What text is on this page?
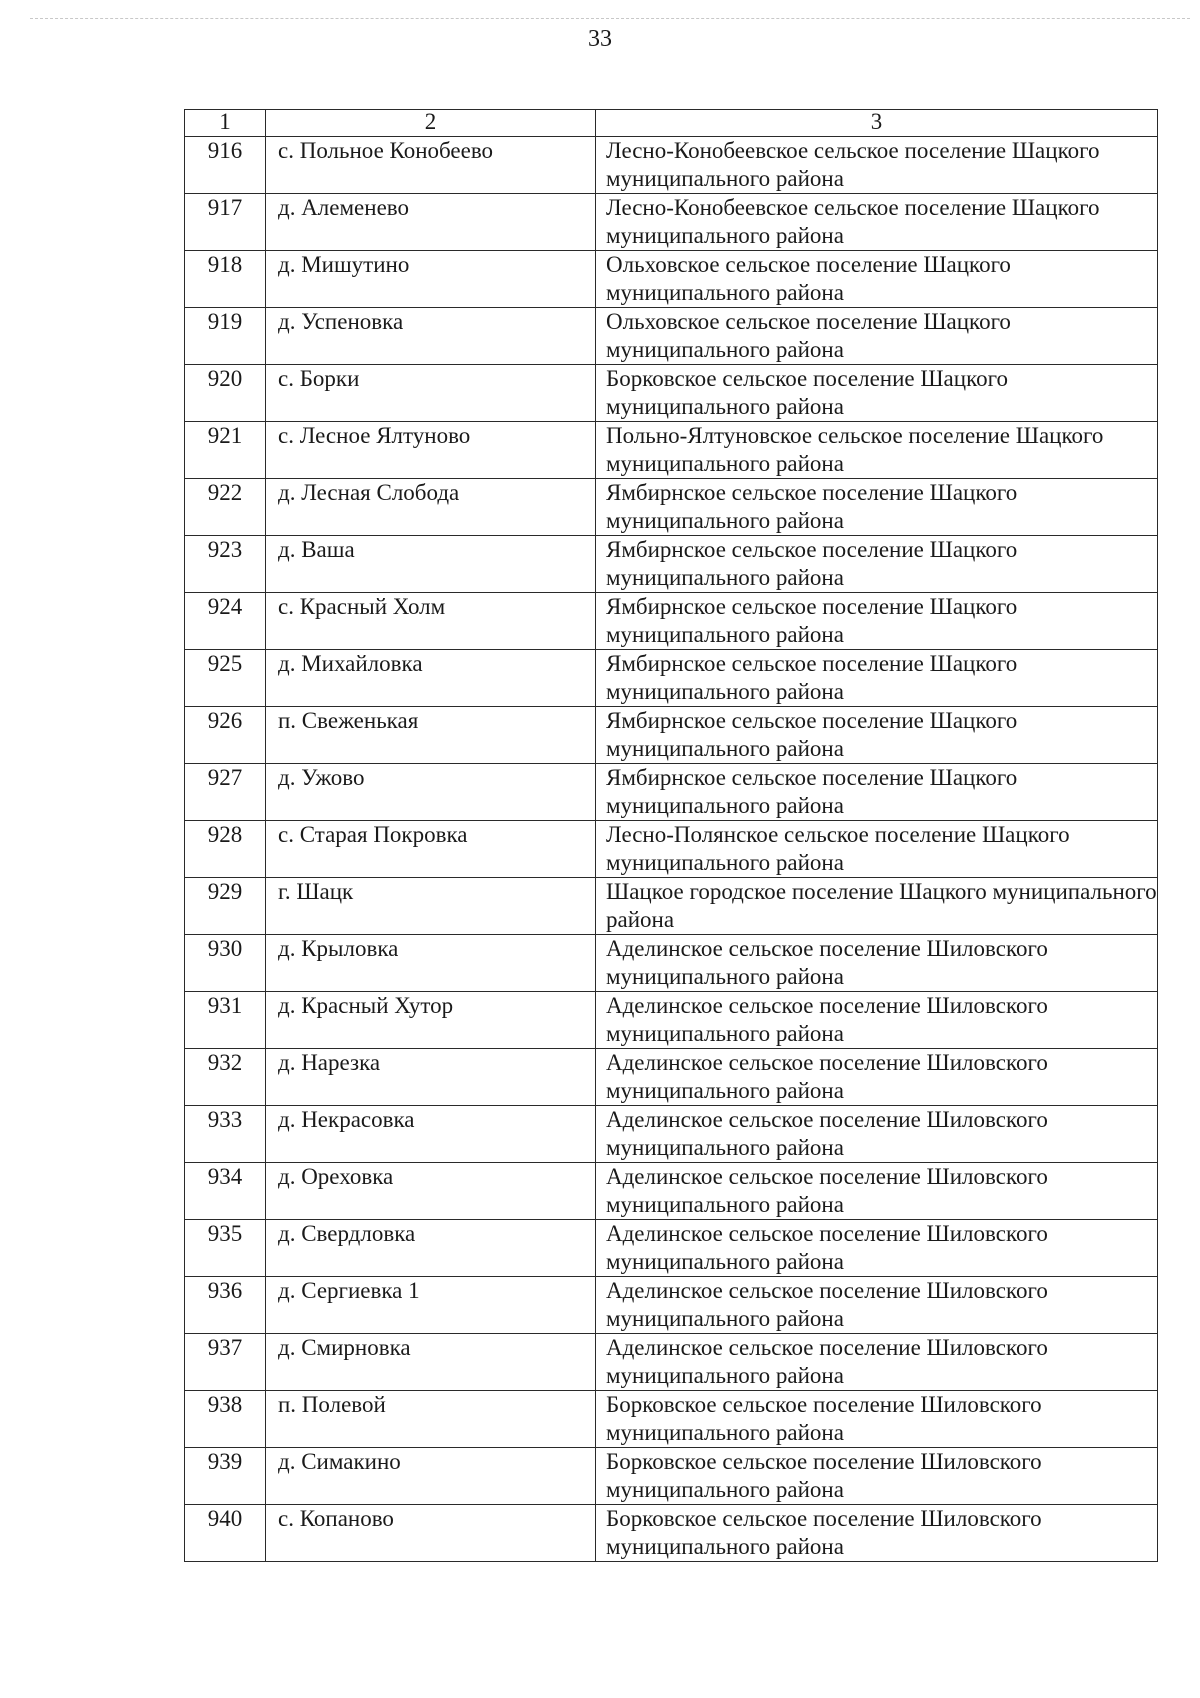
33
1	2	3
916	с. Польное Конобеево	Лесно-Конобеевское сельское поселение Шацкого муниципального района
917	д. Алеменево	Лесно-Конобеевское сельское поселение Шацкого муниципального района
918	д. Мишутино	Ольховское сельское поселение Шацкого муниципального района
919	д. Успеновка	Ольховское сельское поселение Шацкого муниципального района
920	с. Борки	Борковское сельское поселение Шацкого муниципального района
921	с. Лесное Ялтуново	Польно-Ялтуновское сельское поселение Шацкого муниципального района
922	д. Лесная Слобода	Ямбирнское сельское поселение Шацкого муниципального района
923	д. Ваша	Ямбирнское сельское поселение Шацкого муниципального района
924	с. Красный Холм	Ямбирнское сельское поселение Шацкого муниципального района
925	д. Михайловка	Ямбирнское сельское поселение Шацкого муниципального района
926	п. Свеженькая	Ямбирнское сельское поселение Шацкого муниципального района
927	д. Ужово	Ямбирнское сельское поселение Шацкого муниципального района
928	с. Старая Покровка	Лесно-Полянское сельское поселение Шацкого муниципального района
929	г. Шацк	Шацкое городское поселение Шацкого муниципального района
930	д. Крыловка	Аделинское сельское поселение Шиловского муниципального района
931	д. Красный Хутор	Аделинское сельское поселение Шиловского муниципального района
932	д. Нарезка	Аделинское сельское поселение Шиловского муниципального района
933	д. Некрасовка	Аделинское сельское поселение Шиловского муниципального района
934	д. Ореховка	Аделинское сельское поселение Шиловского муниципального района
935	д. Свердловка	Аделинское сельское поселение Шиловского муниципального района
936	д. Сергиевка 1	Аделинское сельское поселение Шиловского муниципального района
937	д. Смирновка	Аделинское сельское поселение Шиловского муниципального района
938	п. Полевой	Борковское сельское поселение Шиловского муниципального района
939	д. Симакино	Борковское сельское поселение Шиловского муниципального района
940	с. Копаново	Борковское сельское поселение Шиловского муниципального района
